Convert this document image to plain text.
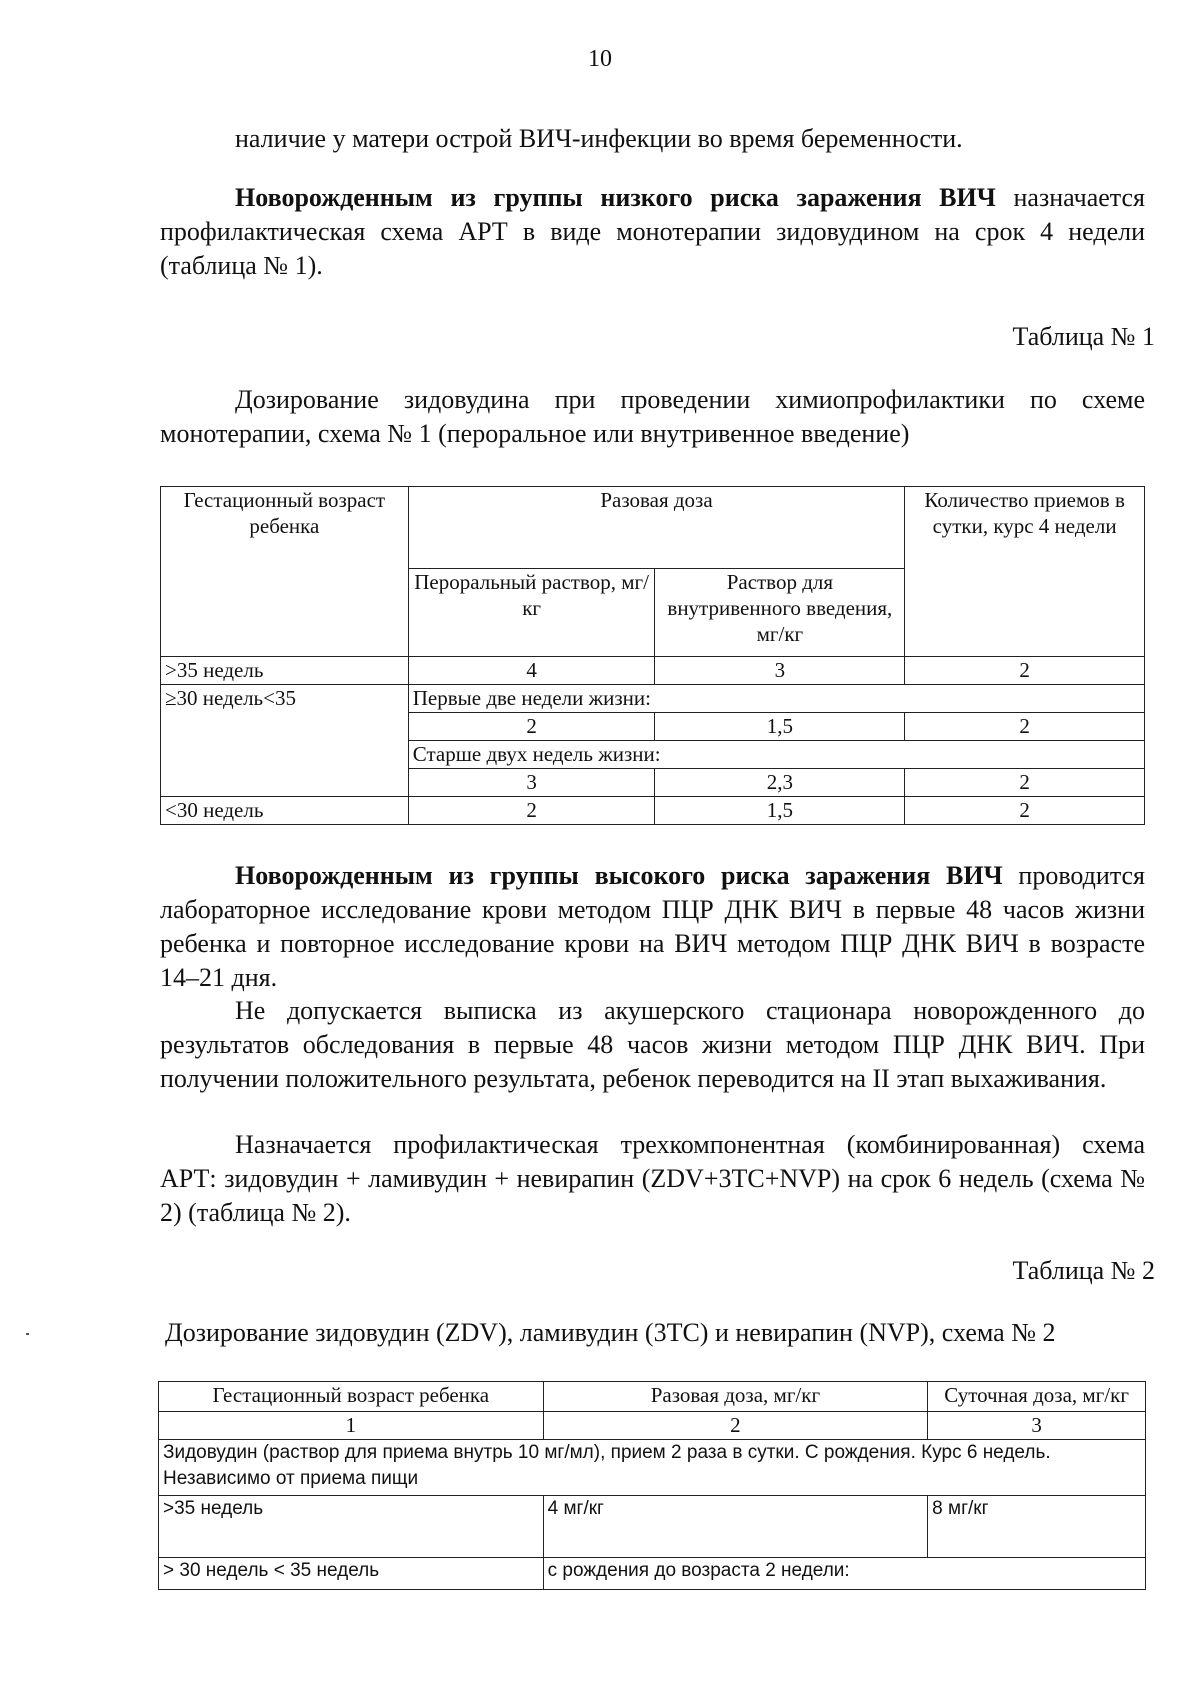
10

наличие у матери острой ВИЧ-инфекции во время беременности.

Новорожденным из группы низкого риска заражения ВИЧ назначается профилактическая схема АРТ в виде монотерапии зидовудином на срок 4 недели (таблица № 1).

Таблица № 1

Дозирование зидовудина при проведении химиопрофилактики по схеме монотерапии, схема № 1 (пероральное или внутривенное введение)

Гестационный возраст ребенка	Разовая доза		Количество приемов в сутки, курс 4 недели
	Пероральный раствор, мг/кг	Раствор для внутривенного введения, мг/кг	
>35 недель	4	3	2
≥30 недель<35	Первые две недели жизни:		
	2	1,5	2
	Старше двух недель жизни:		
	3	2,3	2
<30 недель	2	1,5	2

Новорожденным из группы высокого риска заражения ВИЧ проводится лабораторное исследование крови методом ПЦР ДНК ВИЧ в первые 48 часов жизни ребенка и повторное исследование крови на ВИЧ методом ПЦР ДНК ВИЧ в возрасте 14–21 дня.

Не допускается выписка из акушерского стационара новорожденного до результатов обследования в первые 48 часов жизни методом ПЦР ДНК ВИЧ. При получении положительного результата, ребенок переводится на II этап выхаживания.

Назначается профилактическая трехкомпонентная (комбинированная) схема АРТ: зидовудин + ламивудин + невирапин (ZDV+3TC+NVP) на срок 6 недель (схема № 2) (таблица № 2).

Таблица № 2
Дозирование зидовудин (ZDV), ламивудин (3TC) и невирапин (NVP), схема № 2
Гестационный возраст ребенка	Разовая доза, мг/кг	Суточная доза, мг/кг
1	2	3
Зидовудин (раствор для приема внутрь 10 мг/мл), прием 2 раза в сутки. С рождения. Курс 6 недель. Независимо от приема пищи		
>35 недель	4 мг/кг	8 мг/кг
> 30 недель < 35 недель	с рождения до возраста 2 недели:	
